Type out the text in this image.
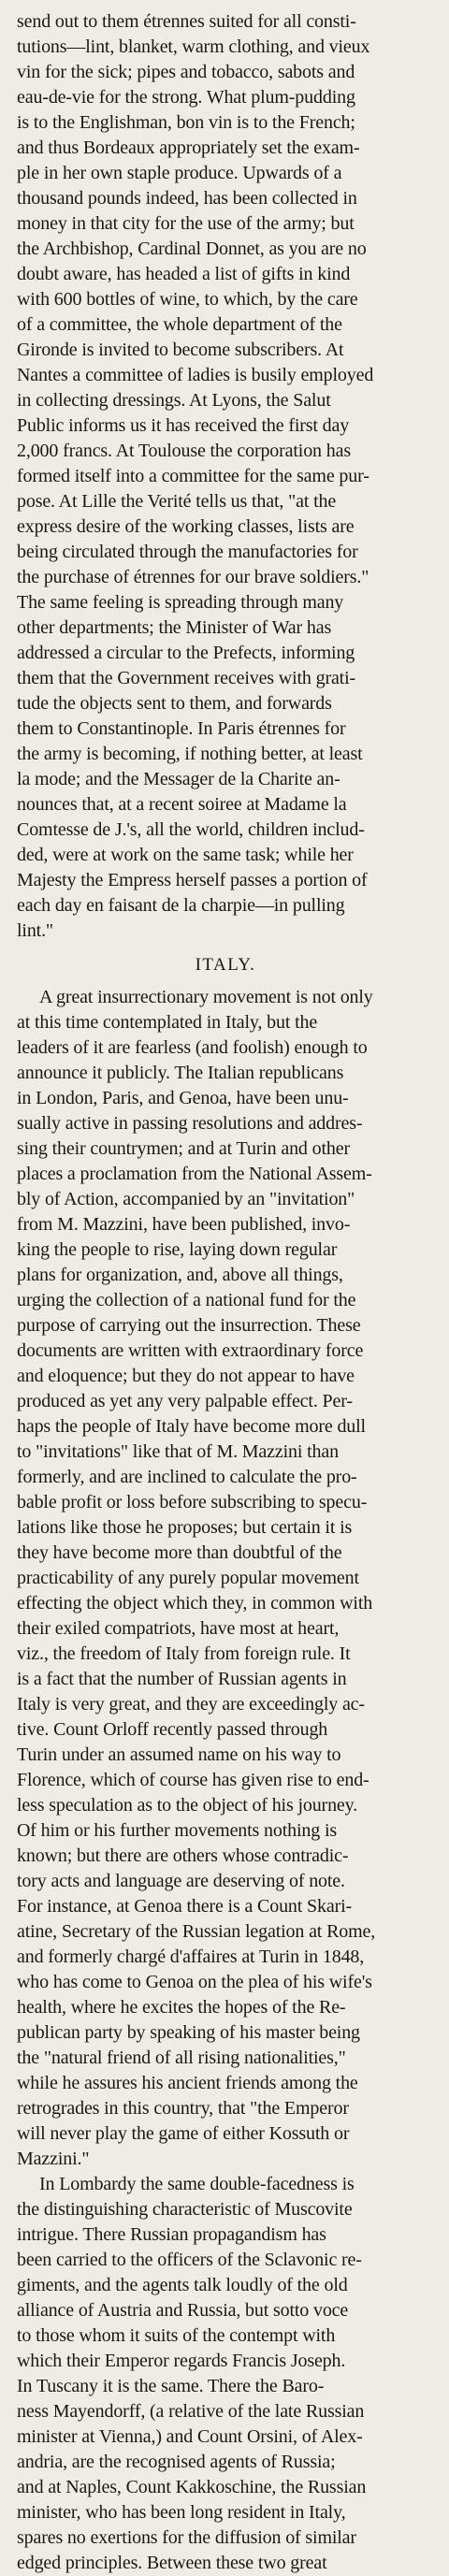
send out to them étrennes suited for all consti-
tutions—lint, blanket, warm clothing, and vieux
vin for the sick; pipes and tobacco, sabots and
eau-de-vie for the strong. What plum-pudding
is to the Englishman, bon vin is to the French;
and thus Bordeaux appropriately set the exam-
ple in her own staple produce. Upwards of a
thousand pounds indeed, has been collected in
money in that city for the use of the army; but
the Archbishop, Cardinal Donnet, as you are no
doubt aware, has headed a list of gifts in kind
with 600 bottles of wine, to which, by the care
of a committee, the whole department of the
Gironde is invited to become subscribers. At
Nantes a committee of ladies is busily employed
in collecting dressings. At Lyons, the Salut
Public informs us it has received the first day
2,000 francs. At Toulouse the corporation has
formed itself into a committee for the same pur-
pose. At Lille the Verité tells us that, "at the
express desire of the working classes, lists are
being circulated through the manufactories for
the purchase of étrennes for our brave soldiers."
The same feeling is spreading through many
other departments; the Minister of War has
addressed a circular to the Prefects, informing
them that the Government receives with grati-
tude the objects sent to them, and forwards
them to Constantinople. In Paris étrennes for
the army is becoming, if nothing better, at least
la mode; and the Messager de la Charite an-
nounces that, at a recent soiree at Madame la
Comtesse de J.'s, all the world, children includ-
ded, were at work on the same task; while her
Majesty the Empress herself passes a portion of
each day en faisant de la charpie—in pulling
lint."
ITALY.
A great insurrectionary movement is not only
at this time contemplated in Italy, but the
leaders of it are fearless (and foolish) enough to
announce it publicly. The Italian republicans
in London, Paris, and Genoa, have been unu-
sually active in passing resolutions and addres-
sing their countrymen; and at Turin and other
places a proclamation from the National Assem-
bly of Action, accompanied by an "invitation"
from M. Mazzini, have been published, invo-
king the people to rise, laying down regular
plans for organization, and, above all things,
urging the collection of a national fund for the
purpose of carrying out the insurrection. These
documents are written with extraordinary force
and eloquence; but they do not appear to have
produced as yet any very palpable effect. Per-
haps the people of Italy have become more dull
to "invitations" like that of M. Mazzini than
formerly, and are inclined to calculate the pro-
bable profit or loss before subscribing to specu-
lations like those he proposes; but certain it is
they have become more than doubtful of the
practicability of any purely popular movement
effecting the object which they, in common with
their exiled compatriots, have most at heart,
viz., the freedom of Italy from foreign rule. It
is a fact that the number of Russian agents in
Italy is very great, and they are exceedingly ac-
tive. Count Orloff recently passed through
Turin under an assumed name on his way to
Florence, which of course has given rise to end-
less speculation as to the object of his journey.
Of him or his further movements nothing is
known; but there are others whose contradic-
tory acts and language are deserving of note.
For instance, at Genoa there is a Count Skari-
atine, Secretary of the Russian legation at Rome,
and formerly chargé d'affaires at Turin in 1848,
who has come to Genoa on the plea of his wife's
health, where he excites the hopes of the Re-
publican party by speaking of his master being
the "natural friend of all rising nationalities,"
while he assures his ancient friends among the
retrogrades in this country, that "the Emperor
will never play the game of either Kossuth or
Mazzini."
In Lombardy the same double-facedness is
the distinguishing characteristic of Muscovite
intrigue. There Russian propagandism has
been carried to the officers of the Sclavonic re-
giments, and the agents talk loudly of the old
alliance of Austria and Russia, but sotto voce
to those whom it suits of the contempt with
which their Emperor regards Francis Joseph.
In Tuscany it is the same. There the Baro-
ness Mayendorff, (a relative of the late Russian
minister at Vienna,) and Count Orsini, of Alex-
andria, are the recognised agents of Russia;
and at Naples, Count Kakkoschine, the Russian
minister, who has been long resident in Italy,
spares no exertions for the diffusion of similar
edged principles. Between these two great
